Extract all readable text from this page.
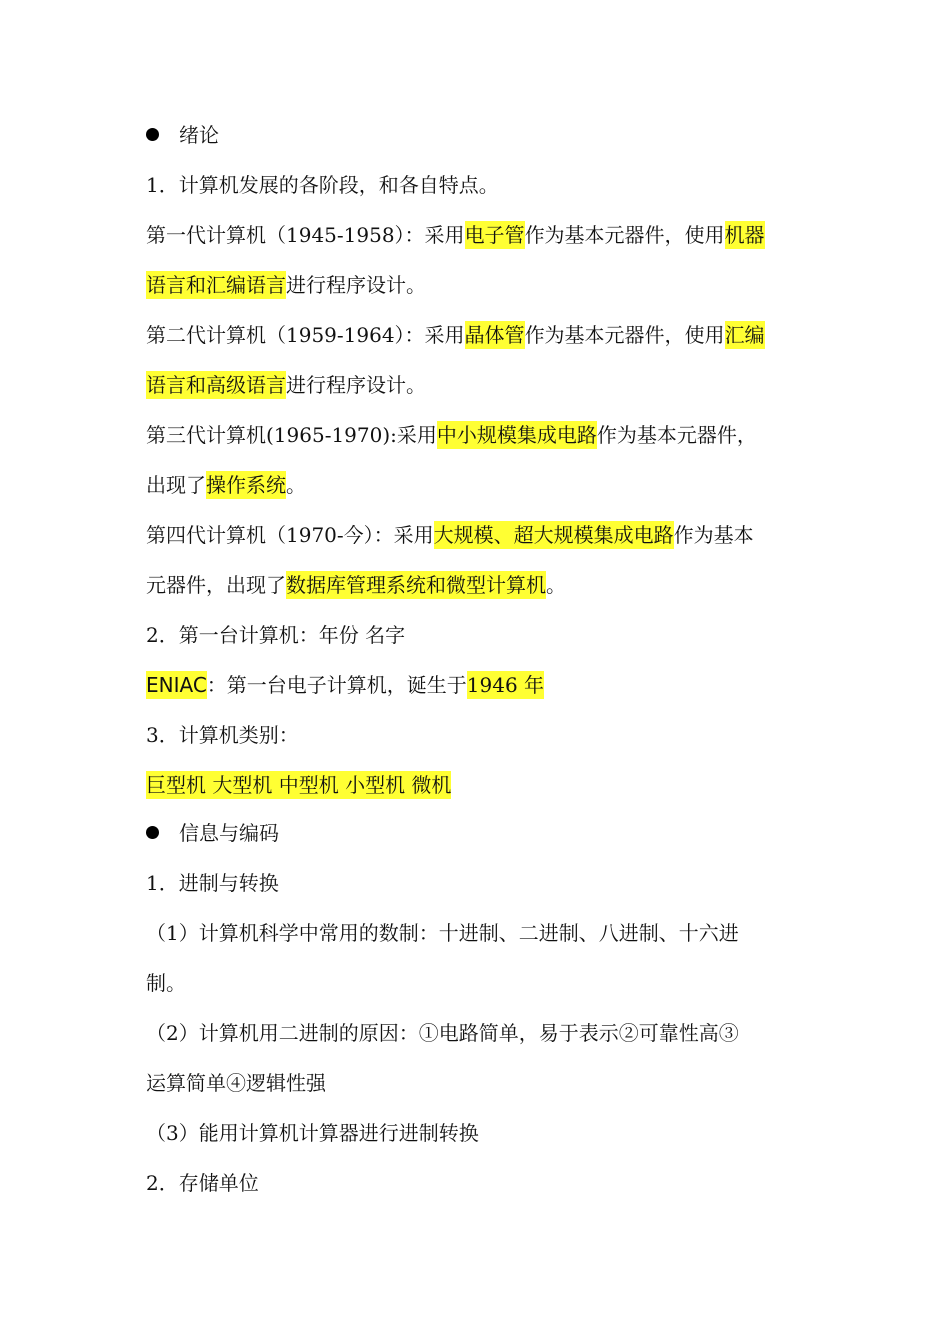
绪论
1．计算机发展的各阶段，和各自特点。
第一代计算机（1945-1958）：采用电子管作为基本元器件，使用机器
语言和汇编语言进行程序设计。
第二代计算机（1959-1964）：采用晶体管作为基本元器件，使用汇编
语言和高级语言进行程序设计。
第三代计算机(1965-1970):采用中小规模集成电路作为基本元器件，
出现了操作系统。
第四代计算机（1970-今）：采用大规模、超大规模集成电路作为基本
元器件，出现了数据库管理系统和微型计算机。
2．第一台计算机：年份 名字
ENIAC：第一台电子计算机，诞生于1946 年
3．计算机类别：
巨型机 大型机 中型机 小型机 微机
信息与编码
1．进制与转换
（1）计算机科学中常用的数制：十进制、二进制、八进制、十六进
制。
（2）计算机用二进制的原因：①电路简单，易于表示②可靠性高③
运算简单④逻辑性强
（3）能用计算机计算器进行进制转换
2．存储单位
